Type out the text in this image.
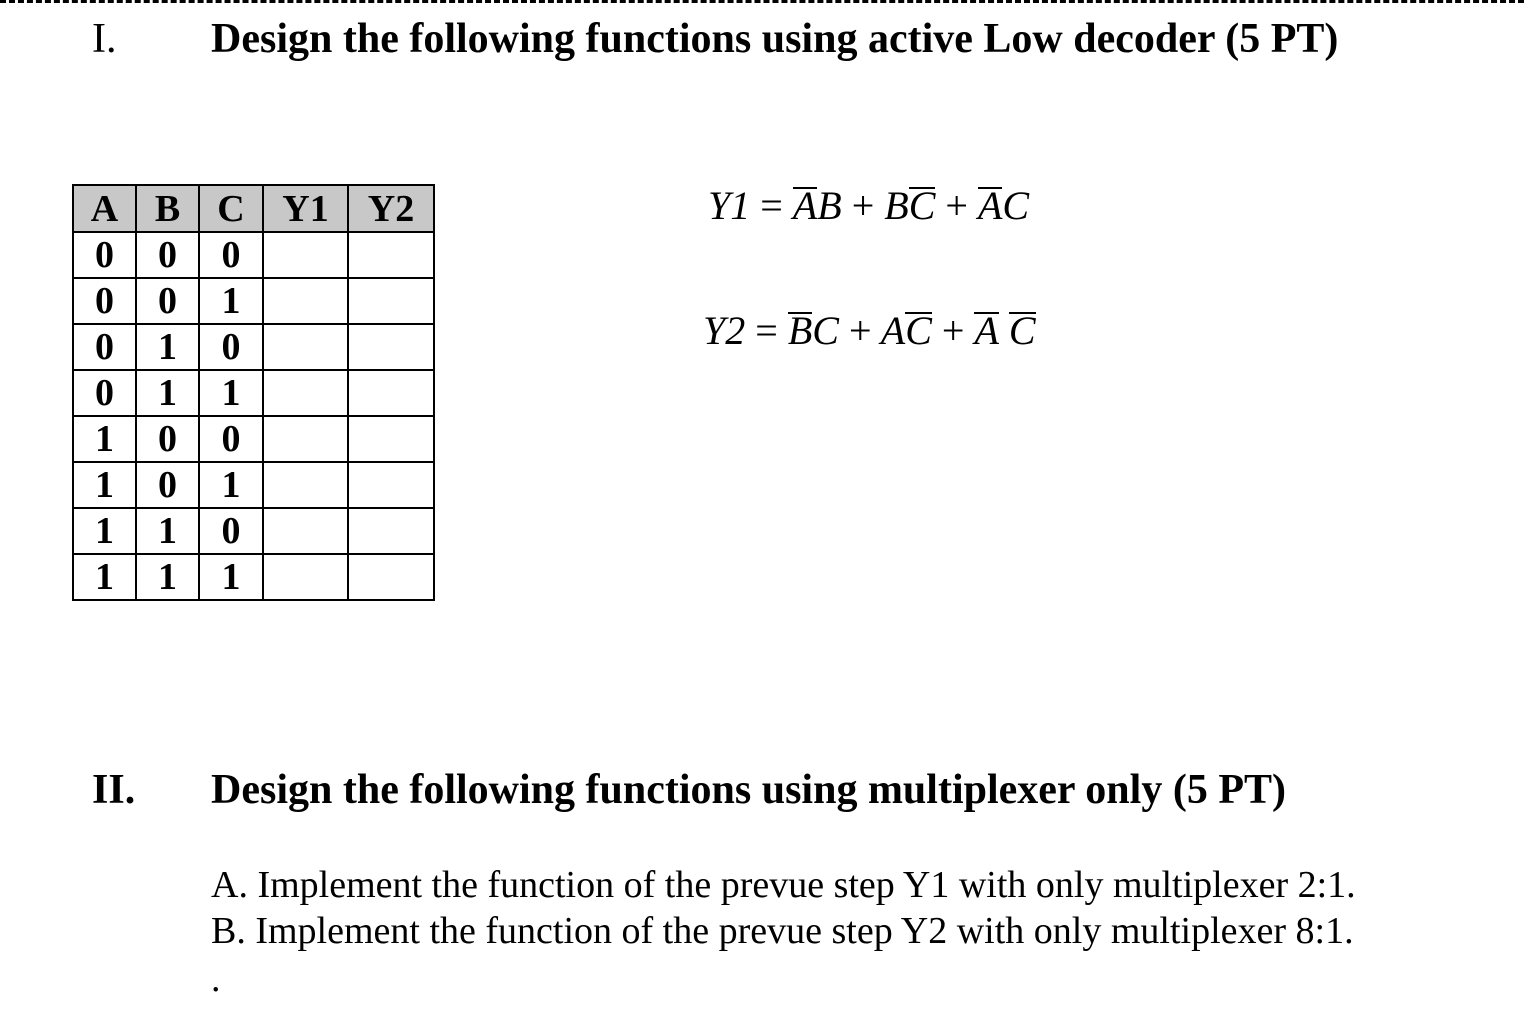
I. Design the following functions using active Low decoder (5 PT)
A	B	C	Y1	Y2
0	0	0		
0	0	1		
0	1	0		
0	1	1		
1	0	0		
1	0	1		
1	1	0		
1	1	1		
Y1 = AB + BC + AC
Y2 = BC + AC + A C
II. Design the following functions using multiplexer only (5 PT)
A. Implement the function of the prevue step Y1 with only multiplexer 2:1.
B. Implement the function of the prevue step Y2 with only multiplexer 8:1.
.
